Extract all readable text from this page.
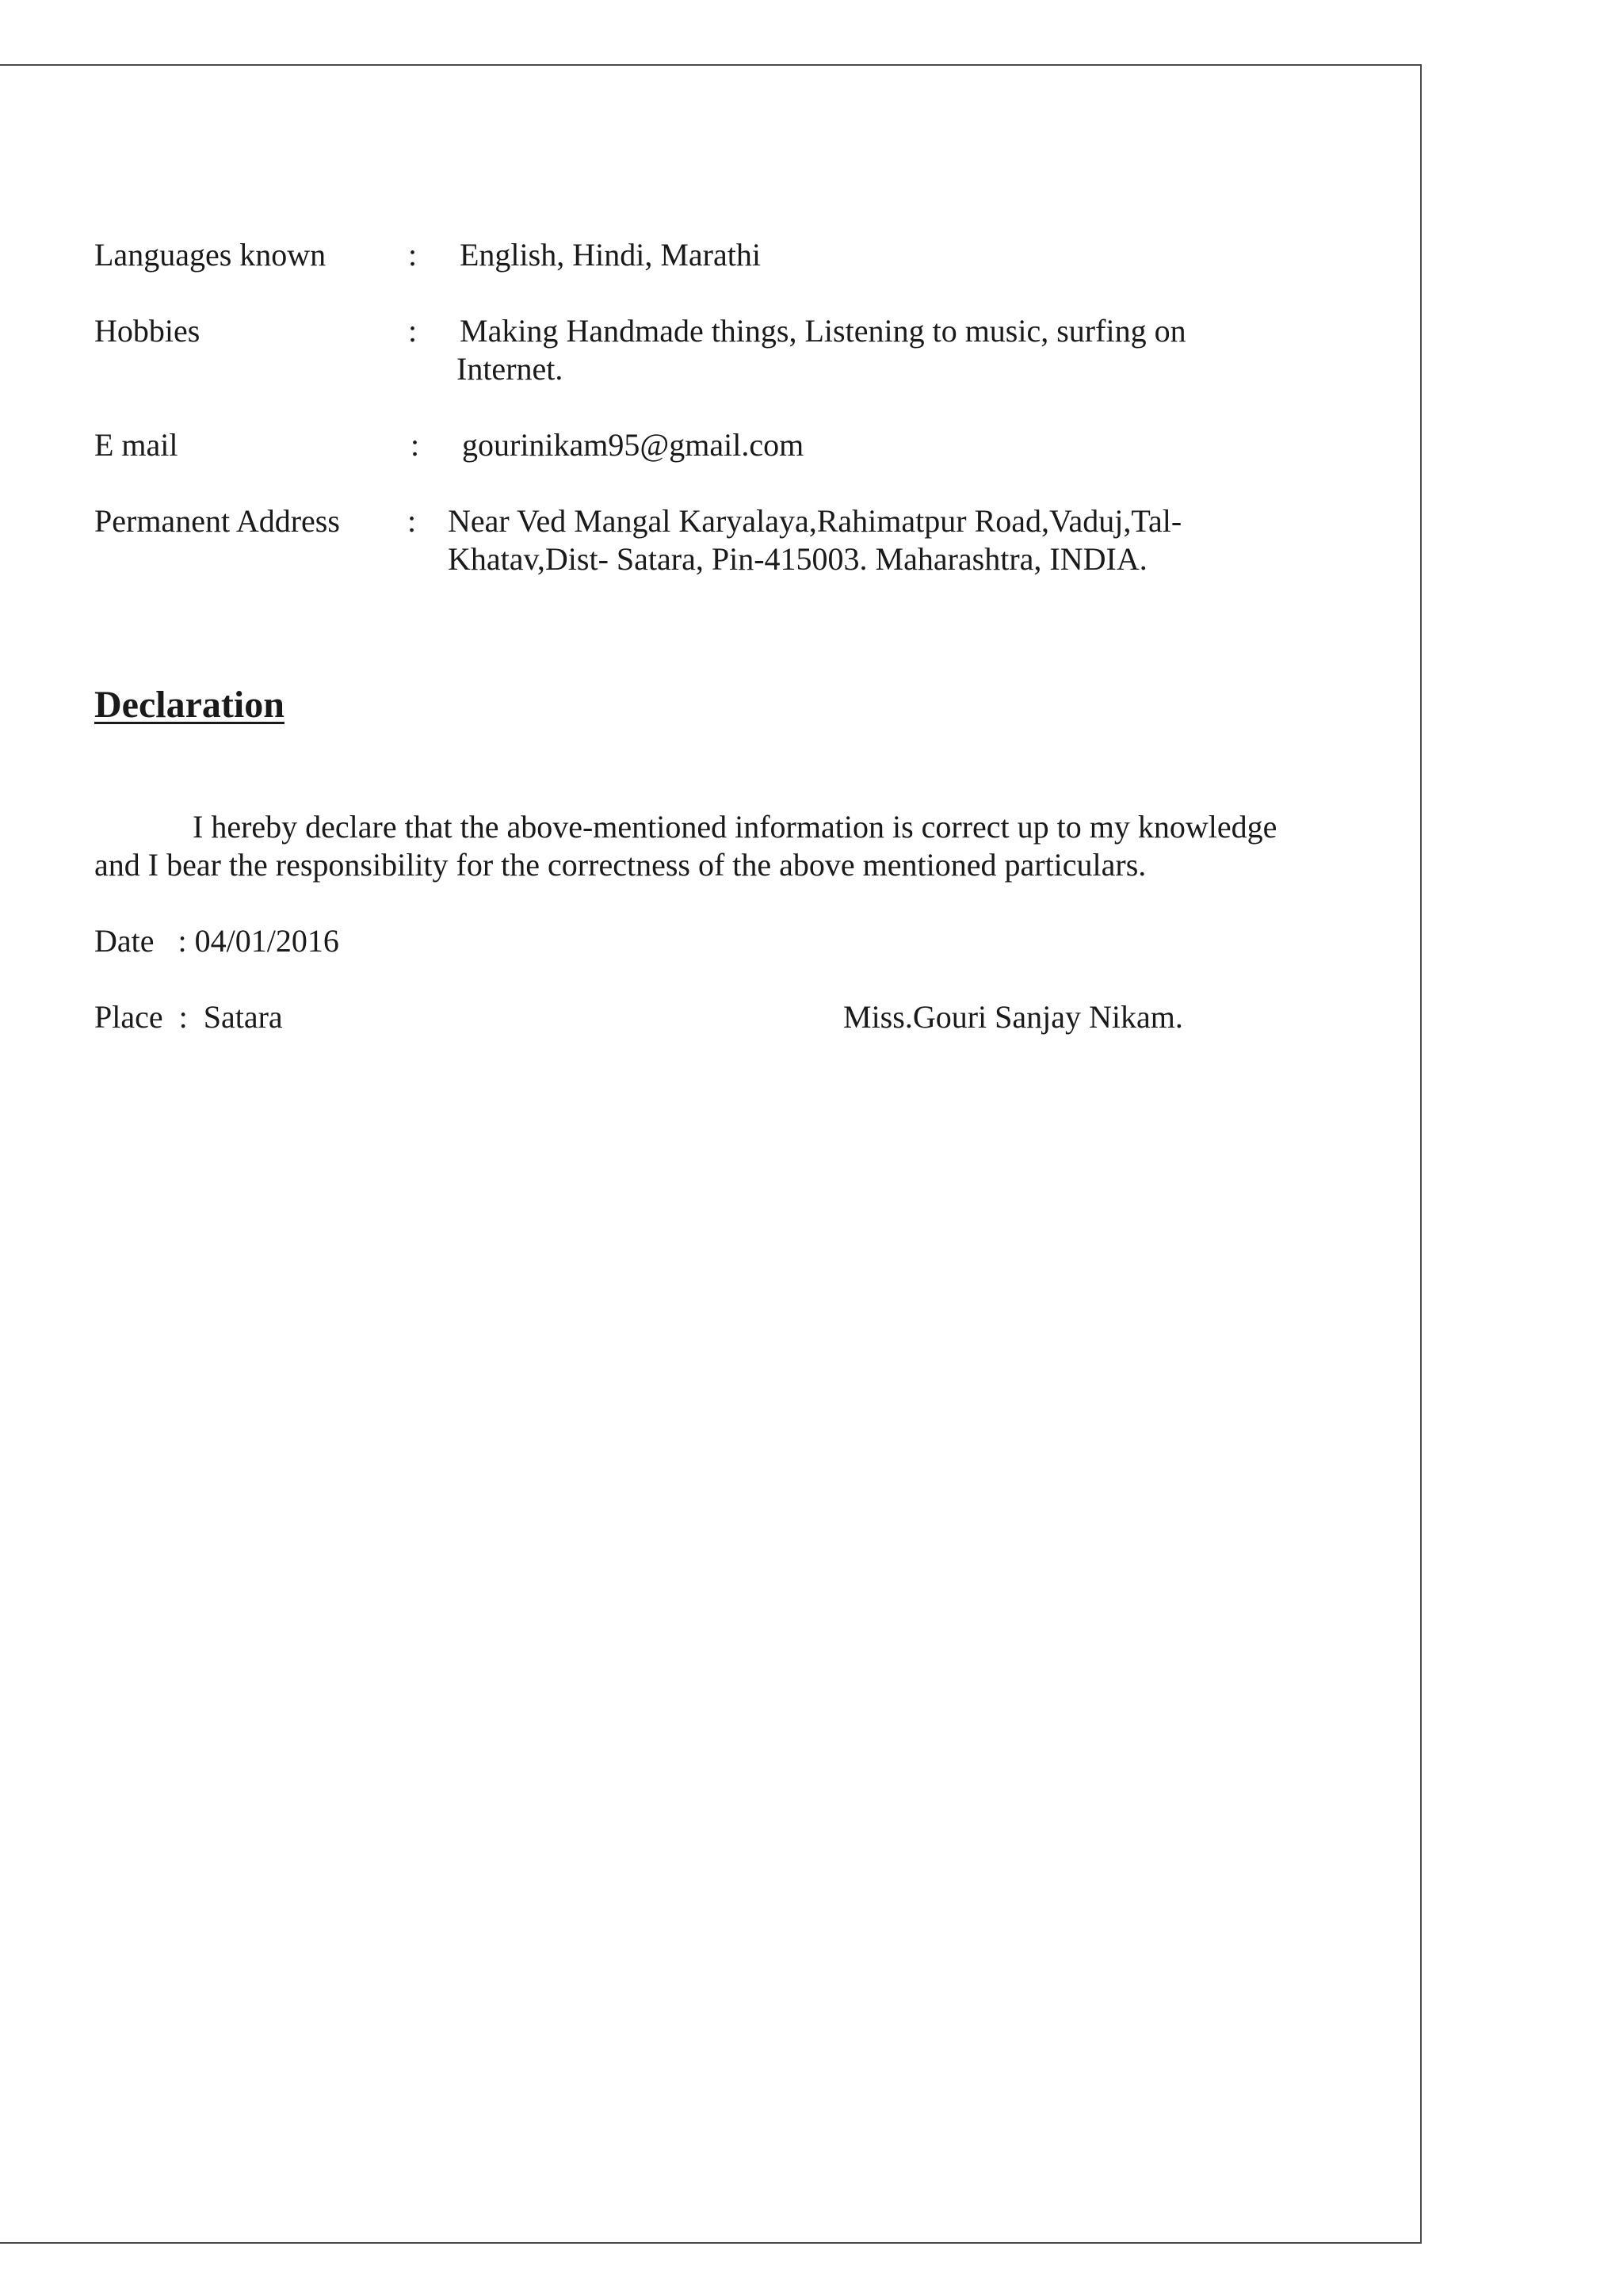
Languages known	: English, Hindi, Marathi

Hobbies	: Making Handmade things, Listening to music, surfing on

Internet.

E mail	: gourinikam95@gmail.com

Permanent Address : Near Ved Mangal Karyalaya,Rahimatpur Road,Vaduj,Tal-

Khatav,Dist- Satara, Pin-415003. Maharashtra, INDIA.

Declaration

I hereby declare that the above-mentioned information is correct up to my knowledge
and I bear the responsibility for the correctness of the above mentioned particulars.

Date   : 04/01/2016

Place  :  Satara	Miss.Gouri Sanjay Nikam.
